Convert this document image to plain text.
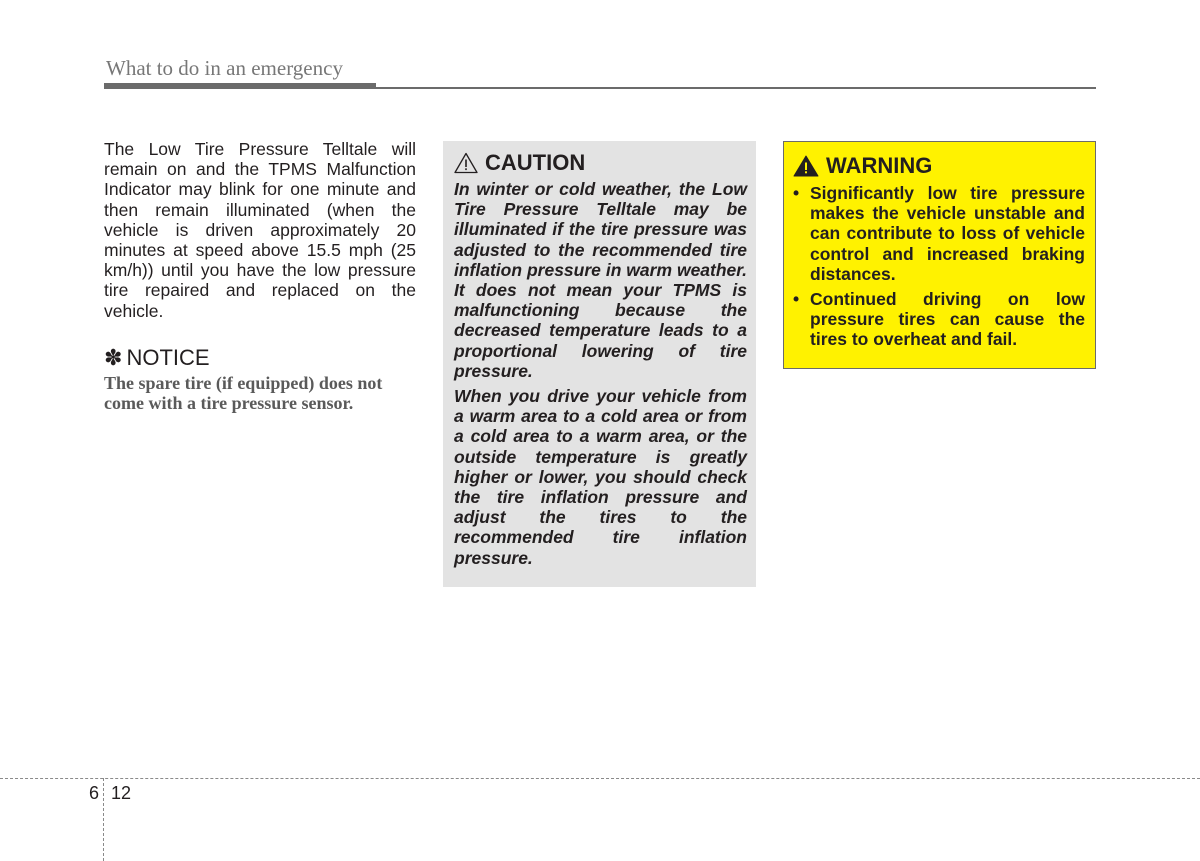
What to do in an emergency

The Low Tire Pressure Telltale will remain on and the TPMS Malfunction Indicator may blink for one minute and then remain illuminated (when the vehicle is driven approximately 20 minutes at speed above 15.5 mph (25 km/h)) until you have the low pressure tire repaired and replaced on the vehicle.

✽ NOTICE

The spare tire (if equipped) does not come with a tire pressure sensor.

CAUTION

In winter or cold weather, the Low Tire Pressure Telltale may be illuminated if the tire pressure was adjusted to the recommended tire inflation pressure in warm weather. It does not mean your TPMS is malfunctioning because the decreased temperature leads to a proportional lowering of tire pressure.

When you drive your vehicle from a warm area to a cold area or from a cold area to a warm area, or the outside temperature is greatly higher or lower, you should check the tire inflation pressure and adjust the tires to the recommended tire inflation pressure.

WARNING
• Significantly low tire pressure makes the vehicle unstable and can contribute to loss of vehicle control and increased braking distances.
• Continued driving on low pressure tires can cause the tires to overheat and fail.
6 12
